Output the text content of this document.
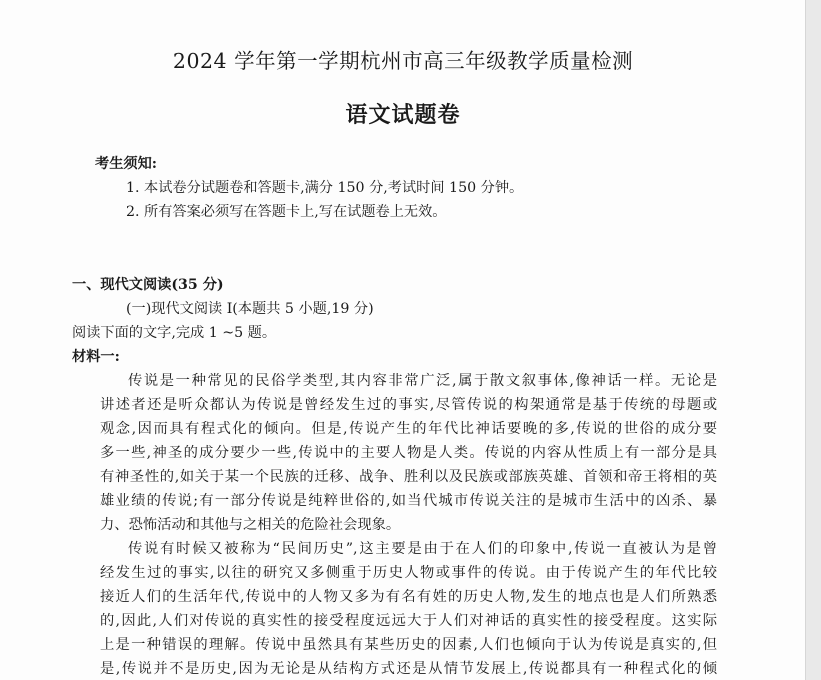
2024 学年第一学期杭州市高三年级教学质量检测
语文试题卷
考生须知:
1. 本试卷分试题卷和答题卡,满分 150 分,考试时间 150 分钟。
2. 所有答案必须写在答题卡上,写在试题卷上无效。
一、现代文阅读(35 分)
(一)现代文阅读 I(本题共 5 小题,19 分)
阅读下面的文字,完成 1 ~5 题。
材料一:
传说是一种常见的民俗学类型,其内容非常广泛,属于散文叙事体,像神话一样。无论是
讲述者还是听众都认为传说是曾经发生过的事实,尽管传说的构架通常是基于传统的母题或
观念,因而具有程式化的倾向。但是,传说产生的年代比神话要晚的多,传说的世俗的成分要
多一些,神圣的成分要少一些,传说中的主要人物是人类。传说的内容从性质上有一部分是具
有神圣性的,如关于某一个民族的迁移、战争、胜利以及民族或部族英雄、首领和帝王将相的英
雄业绩的传说;有一部分传说是纯粹世俗的,如当代城市传说关注的是城市生活中的凶杀、暴
力、恐怖活动和其他与之相关的危险社会现象。
传说有时候又被称为“民间历史”,这主要是由于在人们的印象中,传说一直被认为是曾
经发生过的事实,以往的研究又多侧重于历史人物或事件的传说。由于传说产生的年代比较
接近人们的生活年代,传说中的人物又多为有名有姓的历史人物,发生的地点也是人们所熟悉
的,因此,人们对传说的真实性的接受程度远远大于人们对神话的真实性的接受程度。这实际
上是一种错误的理解。传说中虽然具有某些历史的因素,人们也倾向于认为传说是真实的,但
是,传说并不是历史,因为无论是从结构方式还是从情节发展上,传说都具有一种程式化的倾
